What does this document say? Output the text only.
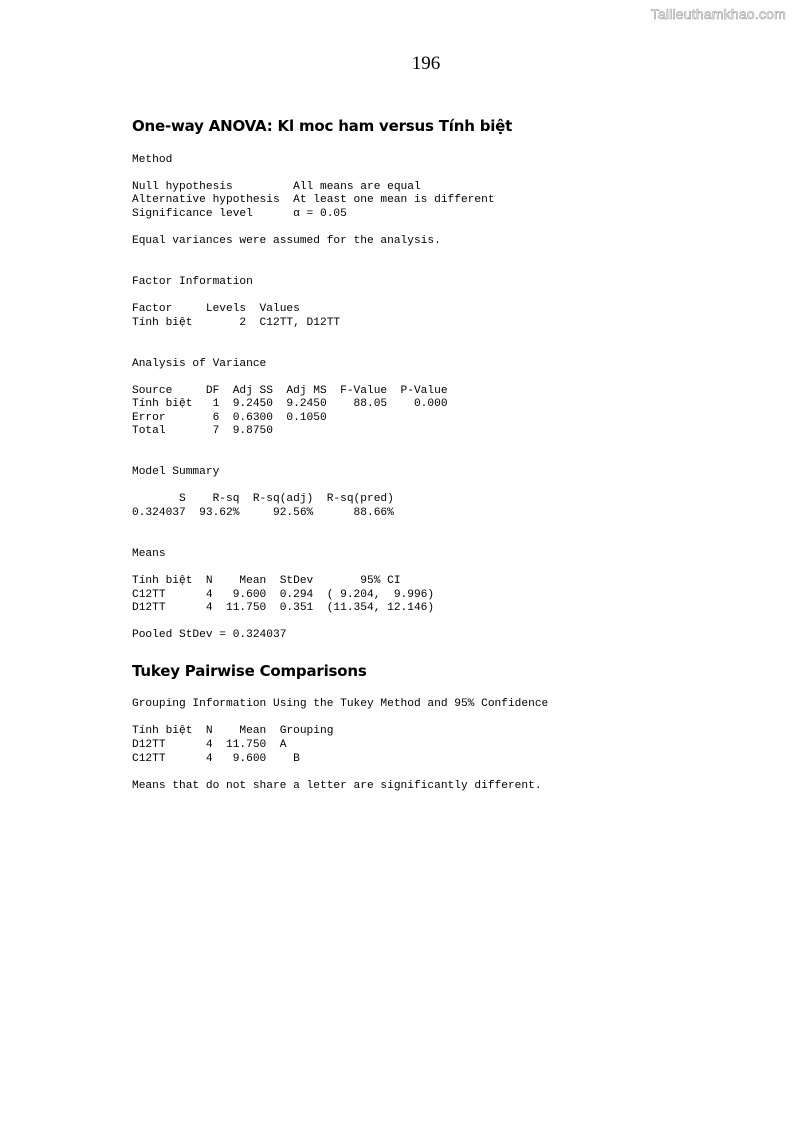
Tailieuthamkhao.com
196
One-way ANOVA: Kl moc ham versus Tính biệt
Method
Null hypothesis         All means are equal
Alternative hypothesis  At least one mean is different
Significance level      α = 0.05
Equal variances were assumed for the analysis.
Factor Information
Factor     Levels  Values
Tính biệt       2  C12TT, D12TT
Analysis of Variance
Source     DF  Adj SS  Adj MS  F-Value  P-Value
Tính biệt   1  9.2450  9.2450    88.05    0.000
Error       6  0.6300  0.1050
Total       7  9.8750
Model Summary
S    R-sq  R-sq(adj)  R-sq(pred)
0.324037  93.62%     92.56%      88.66%
Means
Tính biệt  N    Mean  StDev       95% CI
C12TT      4   9.600  0.294  ( 9.204,  9.996)
D12TT      4  11.750  0.351  (11.354, 12.146)
Pooled StDev = 0.324037
Tukey Pairwise Comparisons
Grouping Information Using the Tukey Method and 95% Confidence
Tính biệt  N    Mean  Grouping
D12TT      4  11.750  A
C12TT      4   9.600    B
Means that do not share a letter are significantly different.
